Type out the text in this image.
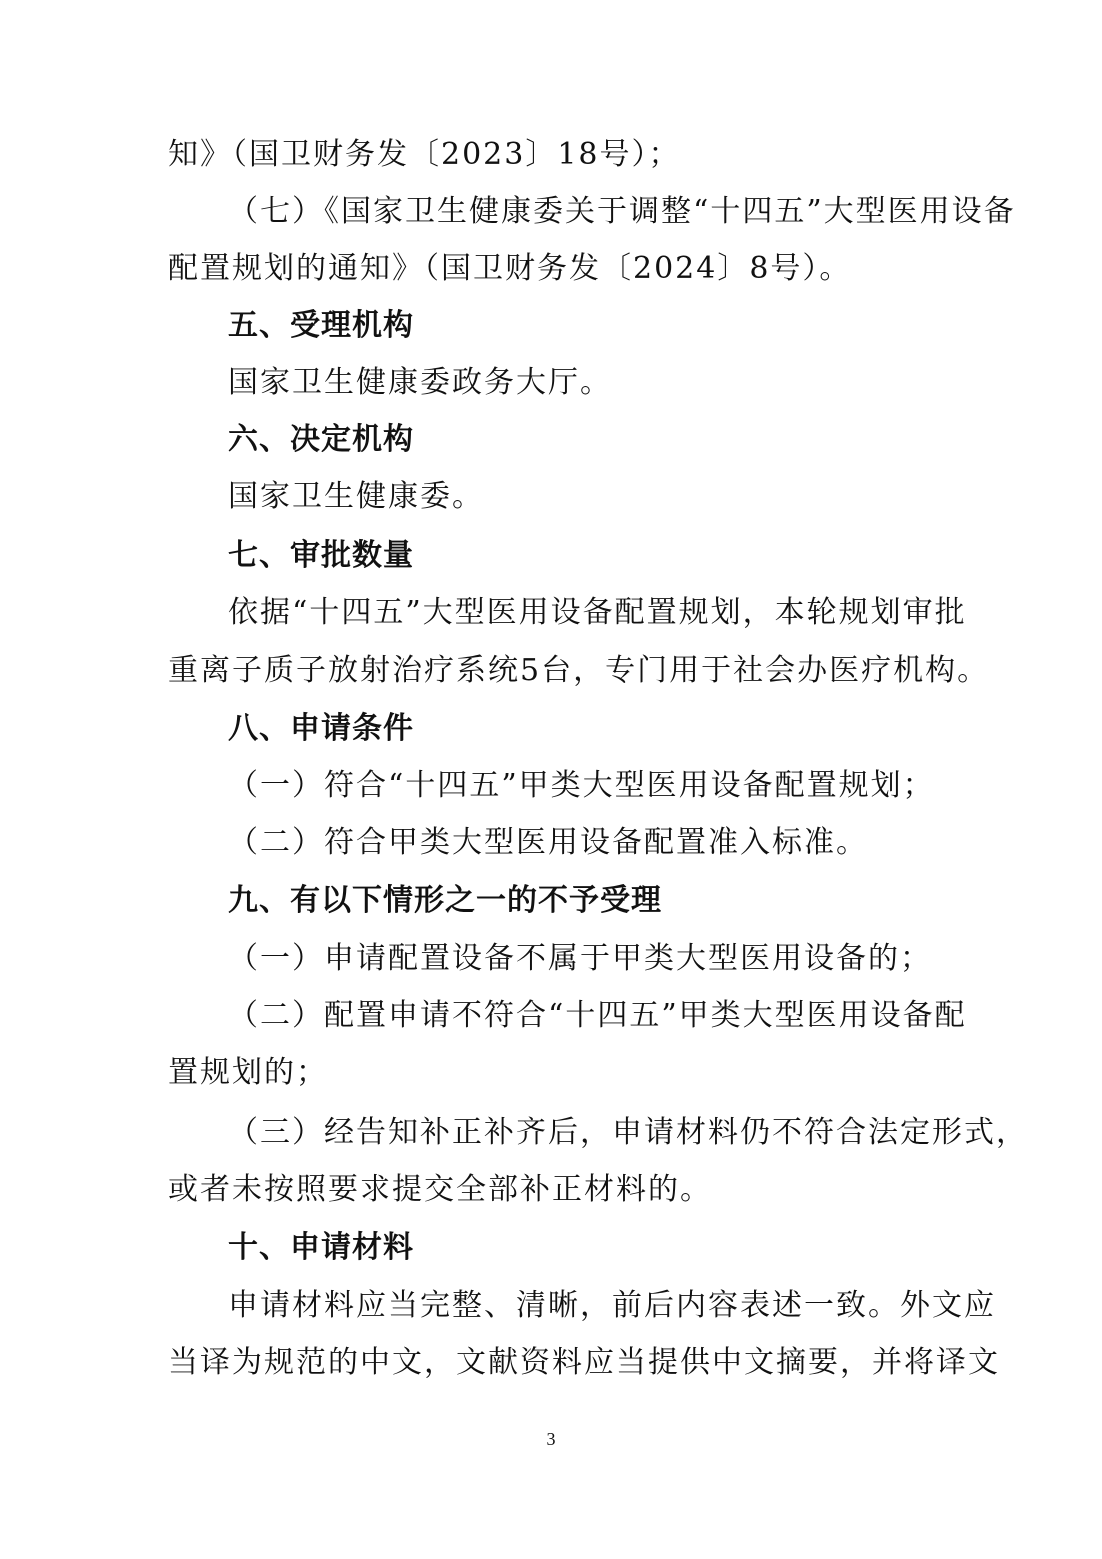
知》（国卫财务发〔2023〕18号）；
（七）《国家卫生健康委关于调整“十四五”大型医用设备
配置规划的通知》（国卫财务发〔2024〕8号）。
五、受理机构
国家卫生健康委政务大厅。
六、决定机构
国家卫生健康委。
七、审批数量
依据“十四五”大型医用设备配置规划，本轮规划审批
重离子质子放射治疗系统5台，专门用于社会办医疗机构。
八、申请条件
（一）符合“十四五”甲类大型医用设备配置规划；
（二）符合甲类大型医用设备配置准入标准。
九、有以下情形之一的不予受理
（一）申请配置设备不属于甲类大型医用设备的；
（二）配置申请不符合“十四五”甲类大型医用设备配
置规划的；
（三）经告知补正补齐后，申请材料仍不符合法定形式，
或者未按照要求提交全部补正材料的。
十、申请材料
申请材料应当完整、清晰，前后内容表述一致。外文应
当译为规范的中文，文献资料应当提供中文摘要，并将译文
3
